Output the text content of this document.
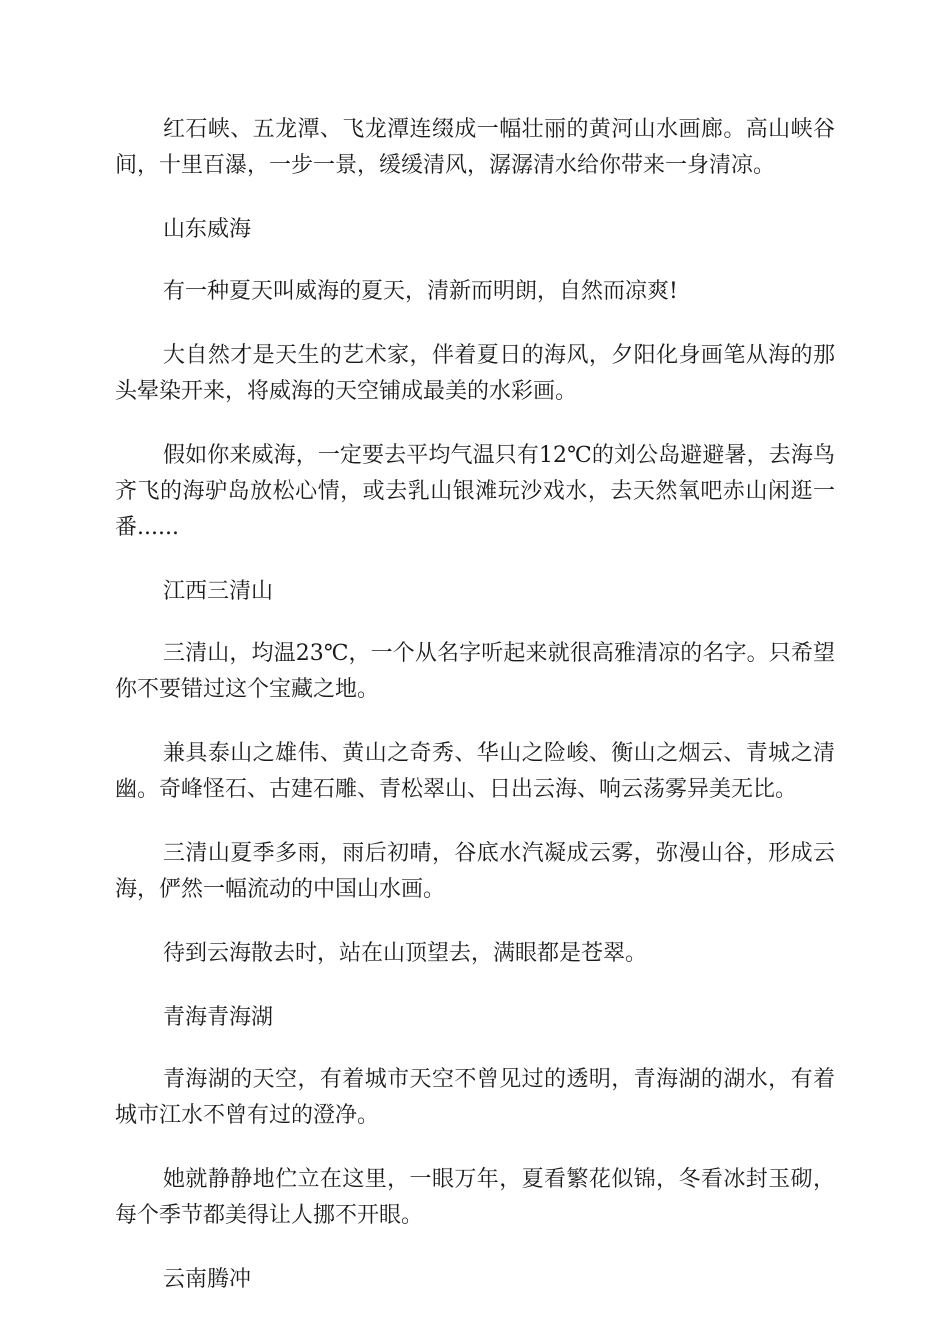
红石峡、五龙潭、飞龙潭连缀成一幅壮丽的黄河山水画廊。高山峡谷间，十里百瀑，一步一景，缓缓清风，潺潺清水给你带来一身清凉。

山东威海

有一种夏天叫威海的夏天，清新而明朗，自然而凉爽!

大自然才是天生的艺术家，伴着夏日的海风，夕阳化身画笔从海的那头晕染开来，将威海的天空铺成最美的水彩画。

假如你来威海，一定要去平均气温只有12℃的刘公岛避避暑，去海鸟齐飞的海驴岛放松心情，或去乳山银滩玩沙戏水，去天然氧吧赤山闲逛一番......

江西三清山

三清山，均温23℃，一个从名字听起来就很高雅清凉的名字。只希望你不要错过这个宝藏之地。

兼具泰山之雄伟、黄山之奇秀、华山之险峻、衡山之烟云、青城之清幽。奇峰怪石、古建石雕、青松翠山、日出云海、响云荡雾异美无比。

三清山夏季多雨，雨后初晴，谷底水汽凝成云雾，弥漫山谷，形成云海，俨然一幅流动的中国山水画。

待到云海散去时，站在山顶望去，满眼都是苍翠。

青海青海湖

青海湖的天空，有着城市天空不曾见过的透明，青海湖的湖水，有着城市江水不曾有过的澄净。

她就静静地伫立在这里，一眼万年，夏看繁花似锦，冬看冰封玉砌，每个季节都美得让人挪不开眼。

云南腾冲
